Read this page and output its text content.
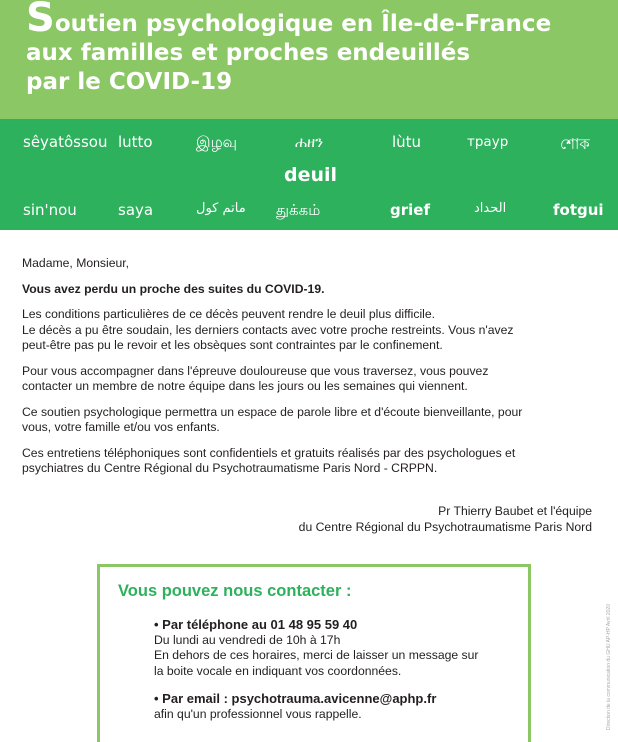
Soutien psychologique en Île-de-France
aux familles et proches endeuillés
par le COVID-19
sêyatôssou lutto	இழவு	ሐዘን	lùtu	траур	শোক
deuil
sin'nou	saya	ماتم کول துக்கம்	grief	الحداد	fotgui

Madame, Monsieur,

Vous avez perdu un proche des suites du COVID-19.

Les conditions particulières de ce décès peuvent rendre le deuil plus difficile.

Le décès a pu être soudain, les derniers contacts avec votre proche restreints. Vous n'avez

peut-être pas pu le revoir et les obsèques sont contraintes par le confinement.

Pour vous accompagner dans l'épreuve douloureuse que vous traversez, vous pouvez

contacter un membre de notre équipe dans les jours ou les semaines qui viennent.

Ce soutien psychologique permettra un espace de parole libre et d'écoute bienveillante, pour

vous, votre famille et/ou vos enfants.

Ces entretiens téléphoniques sont confidentiels et gratuits réalisés par des psychologues et

psychiatres du Centre Régional du Psychotraumatisme Paris Nord - CRPPN.

Pr Thierry Baubet et l'équipe
du Centre Régional du Psychotraumatisme Paris Nord
Vous pouvez nous contacter :
• Par téléphone au 01 48 95 59 40
Du lundi au vendredi de 10h à 17h
En dehors de ces horaires, merci de laisser un message sur
la boite vocale en indiquant vos coordonnées.
• Par email : psychotrauma.avicenne@aphp.fr
afin qu'un professionnel vous rappelle.	Direction de la communication du GHU AP-HP Avril 2020
